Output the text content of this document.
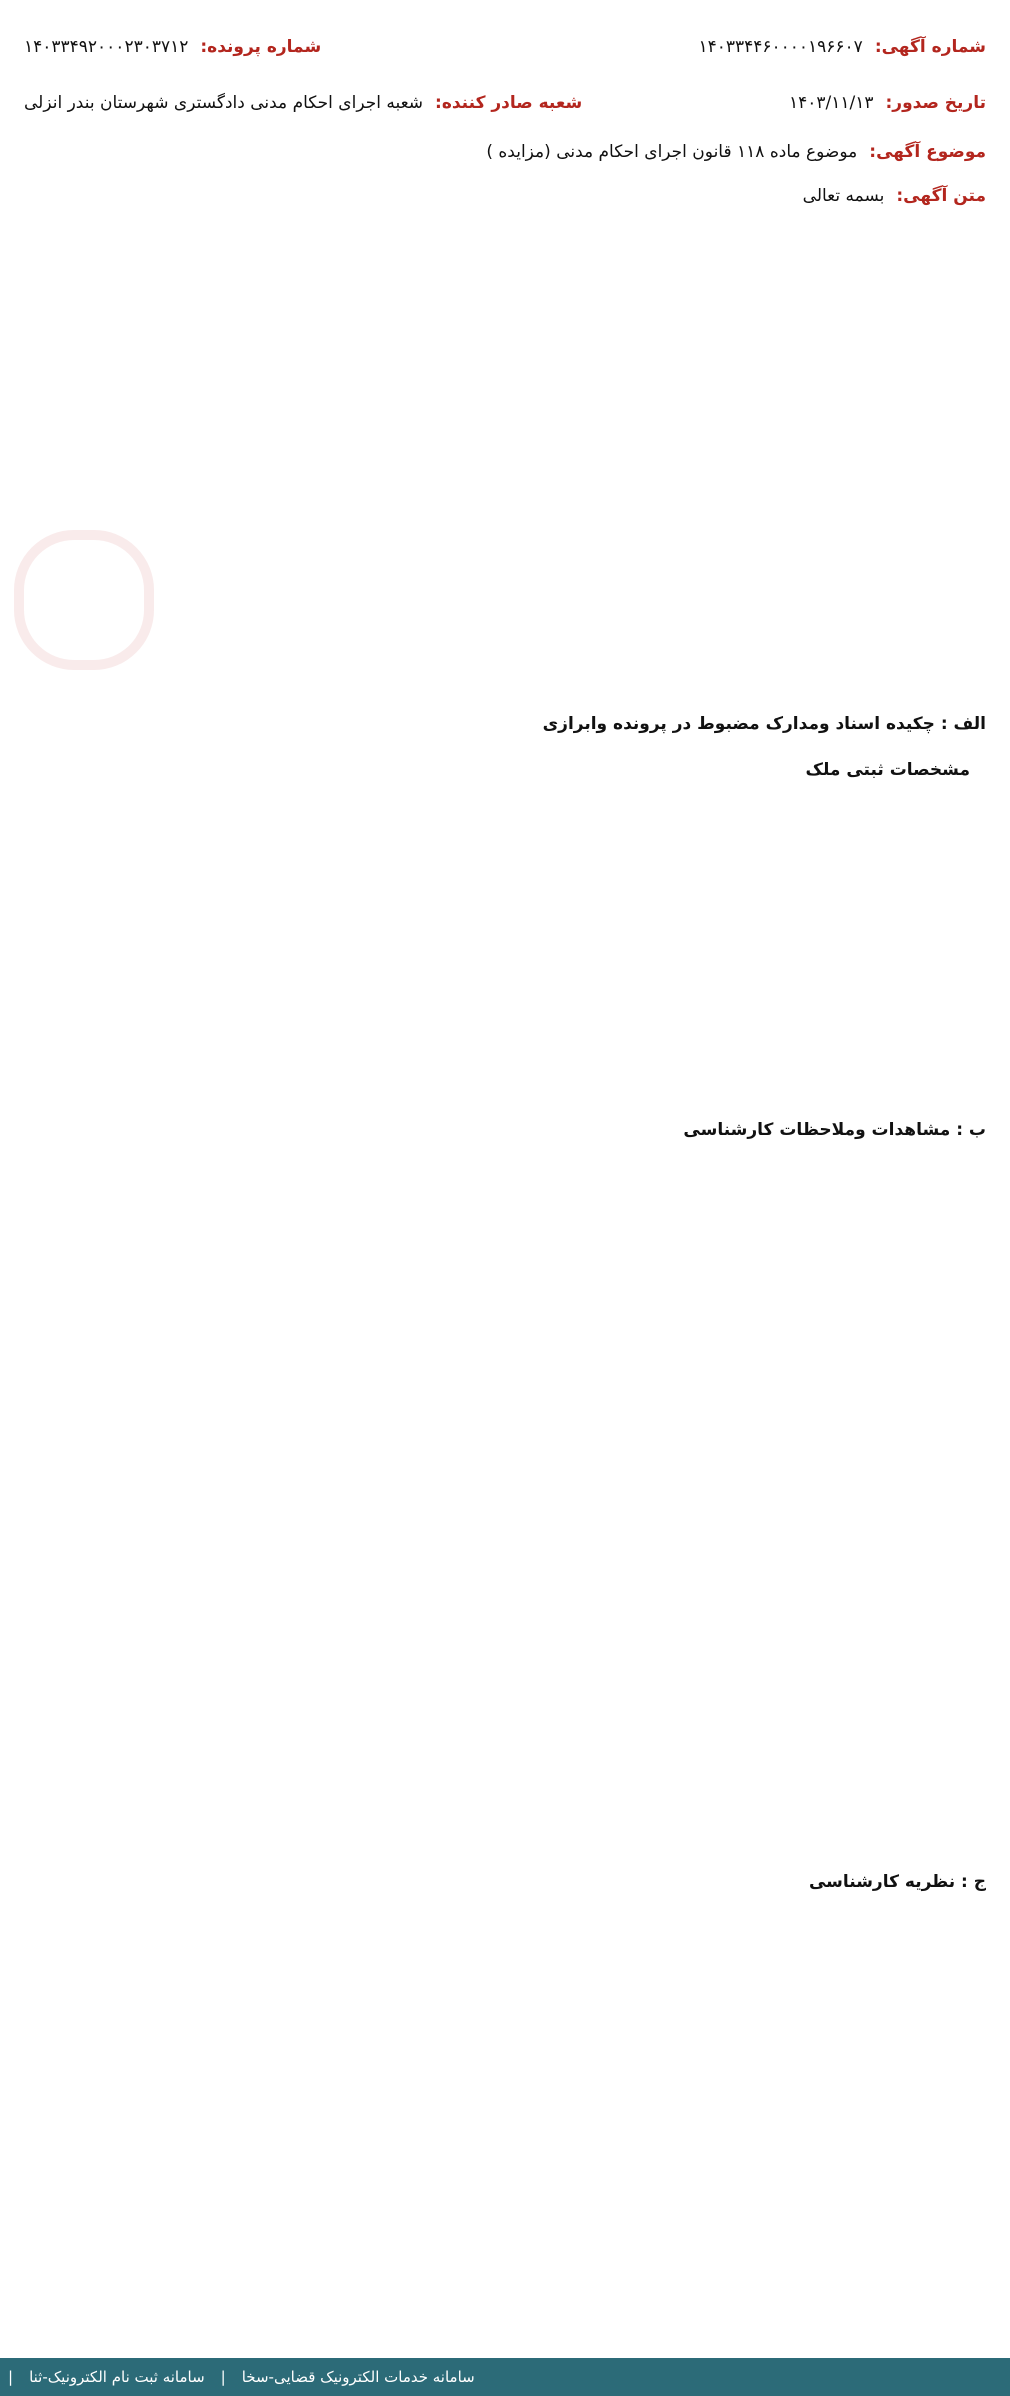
شماره آگهی:
۱۴۰۳۳۴۴۶۰۰۰۰۱۹۶۶۰۷
شماره پرونده:
۱۴۰۳۳۴۹۲۰۰۰۲۳۰۳۷۱۲
تاریخ صدور:
۱۴۰۳/۱۱/۱۳
شعبه صادر کننده:
شعبه اجرای احکام مدنی دادگستری شهرستان بندر انزلی
موضوع آگهی:
موضوع ماده ۱۱۸ قانون اجرای احکام مدنی (مزایده )
متن آگهی:
بسمه تعالی
الف : چکیده اسناد ومدارک مضبوط در پرونده وابرازی
مشخصات ثبتی ملک
ب : مشاهدات وملاحظات کارشناسی
ج : نظریه کارشناسی
سامانه خدمات الکترونیک قضایی-سخا
|
سامانه ثبت نام الکترونیک-ثنا
|
